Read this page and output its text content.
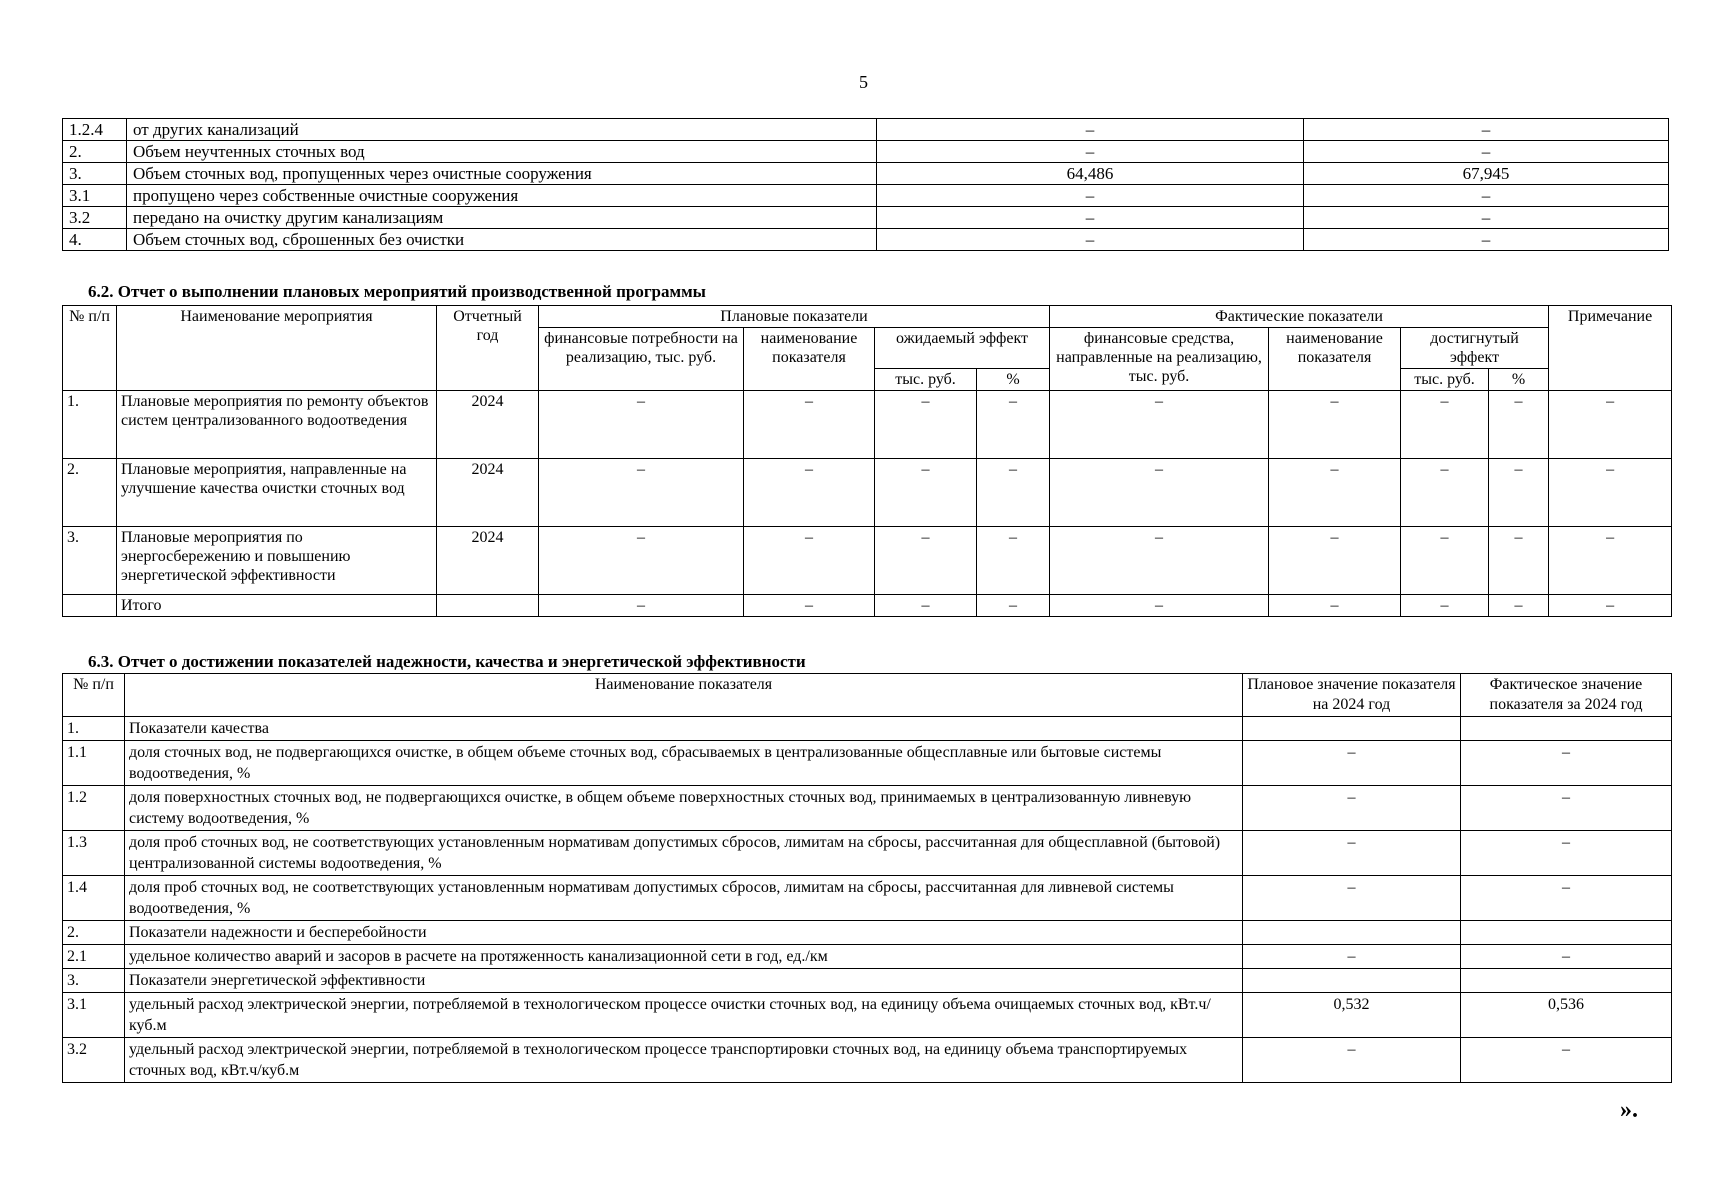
5
1.2.4	от других канализаций	–	–
2.	Объем неучтенных сточных вод	–	–
3.	Объем сточных вод, пропущенных через очистные сооружения	64,486	67,945
3.1	пропущено через собственные очистные сооружения	–	–
3.2	передано на очистку другим канализациям	–	–
4.	Объем сточных вод, сброшенных без очистки	–	–
6.2. Отчет о выполнении плановых мероприятий производственной программы
№ п/п	Наименование мероприятия	Отчетный год	Плановые показатели				Фактические показатели				Примечание
			финансовые потребности на реализацию, тыс. руб.	наименование показателя	ожидаемый эффект		финансовые средства, направленные на реализацию, тыс. руб.	наименование показателя	достигнутый эффект		
					тыс. руб.	%			тыс. руб.	%	
1.	Плановые мероприятия по ремонту объектов систем централизованного водоотведения	2024	–	–	–	–	–	–	–	–	–
2.	Плановые мероприятия, направленные на улучшение качества очистки сточных вод	2024	–	–	–	–	–	–	–	–	–
3.	Плановые мероприятия по энергосбережению и повышению энергетической эффективности	2024	–	–	–	–	–	–	–	–	–
	Итого		–	–	–	–	–	–	–	–	–
6.3. Отчет о достижении показателей надежности, качества и энергетической эффективности
№ п/п	Наименование показателя	Плановое значение показателя на 2024 год	Фактическое значение показателя за 2024 год
1.	Показатели качества		
1.1	доля сточных вод, не подвергающихся очистке, в общем объеме сточных вод, сбрасываемых в централизованные общесплавные или бытовые системы водоотведения, %	–	–
1.2	доля поверхностных сточных вод, не подвергающихся очистке, в общем объеме поверхностных сточных вод, принимаемых в централизованную ливневую систему водоотведения, %	–	–
1.3	доля проб сточных вод, не соответствующих установленным нормативам допустимых сбросов, лимитам на сбросы, рассчитанная для общесплавной (бытовой) централизованной системы водоотведения, %	–	–
1.4	доля проб сточных вод, не соответствующих установленным нормативам допустимых сбросов, лимитам на сбросы, рассчитанная для ливневой системы водоотведения, %	–	–
2.	Показатели надежности и бесперебойности		
2.1	удельное количество аварий и засоров в расчете на протяженность канализационной сети в год, ед./км	–	–
3.	Показатели энергетической эффективности		
3.1	удельный расход электрической энергии, потребляемой в технологическом процессе очистки сточных вод, на единицу объема очищаемых сточных вод, кВт.ч/куб.м	0,532	0,536
3.2	удельный расход электрической энергии, потребляемой в технологическом процессе транспортировки сточных вод, на единицу объема транспортируемых сточных вод, кВт.ч/куб.м	–	–
».
